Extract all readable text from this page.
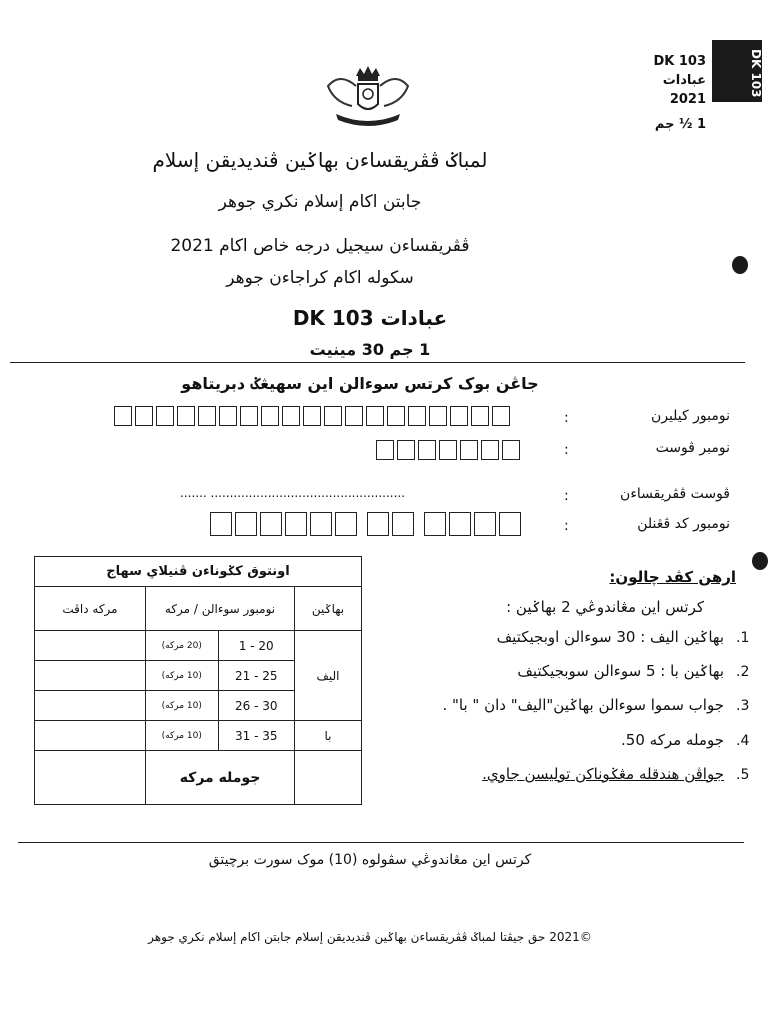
DK 103
DK 103
عبادات
2021
1 ½ جم
لمباݢ ڤڤريقساءن بهاݢين ڤنديديقن إسلام
جابتن اکام إسلام نکري جوهر
ڤڤريقساءن سيجيل درجه خاص اکام 2021
سکوله اکام کراجاءن جوهر
عبادات DK 103
1 جم 30 مينيت
جاڠن بوک کرتس سوءالن اين سهيڠݢ دبريتاهو
نومبور کيليرن
:
نومبر ڤوست
:
ڤوست ڤڤريقساءن
:
....... ...................................................
نومبور کد ڤڠنلن
:
اونتوق کݢوناءن ڤنيلاي سهاج			
بهاݢين	نومبور سوءالن / مرکه		مرکه داڤت
اليف	1 - 20	(20 مرکه)	
	21 - 25	(10 مرکه)	
	26 - 30	(10 مرکه)	
با	31 - 35	(10 مرکه)	
	جومله مرکه		
ارهن کڤد چالون:
کرتس اين مڠاندوڠي 2 بهاݢين :
.1
بهاݢين اليف : 30 سوءالن اوبجيکتيف
.2
بهاݢين با : 5 سوءالن سوبجيکتيف
.3
جواب سموا سوءالن بهاݢين"اليف" دان " با" .
.4
جومله مرکه 50.
.5
جواڤن هندقله مڠݢوناکن توليسن جاوي.
کرتس اين مڠاندوڠي سڤولوه (10) موک سورت برچيتق
©2021 حق جيڤتا لمباݢ ڤڤريقساءن بهاݢين ڤنديديقن إسلام جابتن اکام إسلام نکري جوهر
